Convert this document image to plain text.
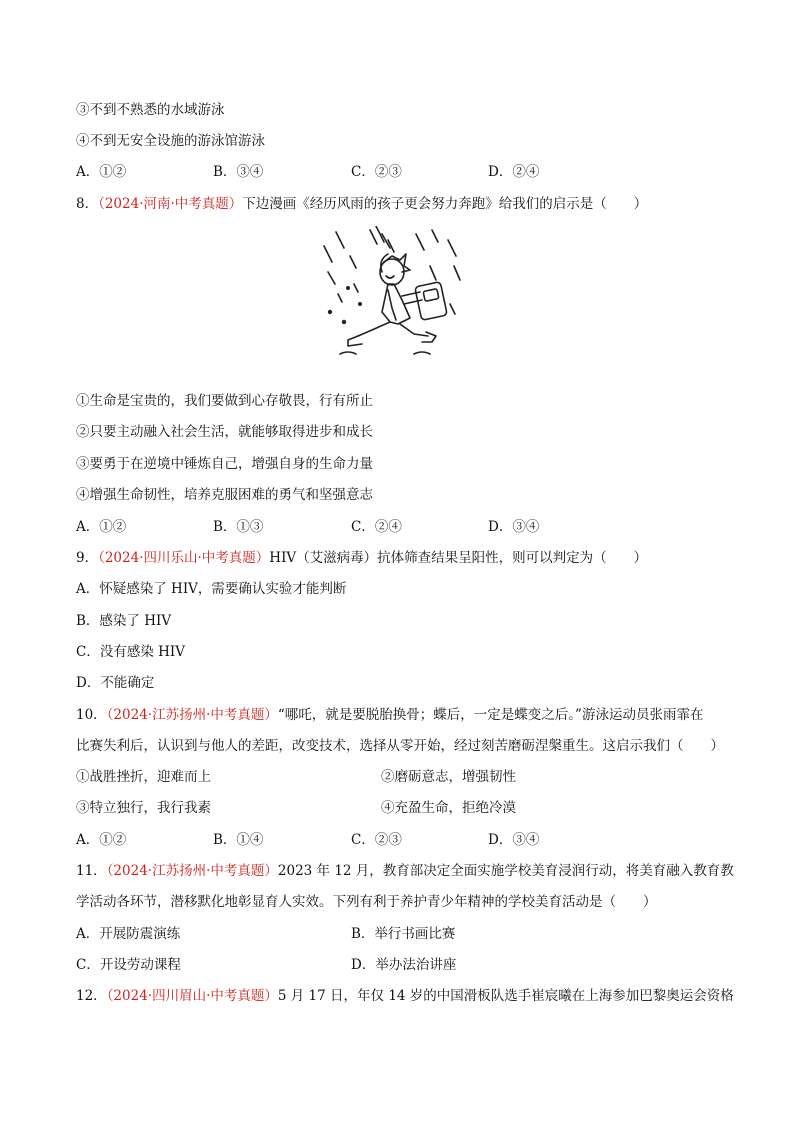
③不到不熟悉的水域游泳
④不到无安全设施的游泳馆游泳
A．①②	B．③④	C．②③	D．②④
8．（2024·河南·中考真题）下边漫画《经历风雨的孩子更会努力奔跑》给我们的启示是（　　）
①生命是宝贵的，我们要做到心存敬畏，行有所止
②只要主动融入社会生活，就能够取得进步和成长
③要勇于在逆境中锤炼自己，增强自身的生命力量
④增强生命韧性，培养克服困难的勇气和坚强意志
A．①②	B．①③	C．②④	D．③④
9．（2024·四川乐山·中考真题）HIV（艾滋病毒）抗体筛查结果呈阳性，则可以判定为（　　）
A．怀疑感染了 HIV，需要确认实验才能判断
B．感染了 HIV
C．没有感染 HIV
D．不能确定
10．（2024·江苏扬州·中考真题）“哪吒，就是要脱胎换骨；蝶后，一定是蝶变之后。”游泳运动员张雨霏在
比赛失利后，认识到与他人的差距，改变技术，选择从零开始，经过刻苦磨砺涅槃重生。这启示我们（　　）
①战胜挫折，迎难而上	②磨砺意志，增强韧性
③特立独行，我行我素	④充盈生命，拒绝冷漠
A．①②	B．①④	C．②③	D．③④
11．（2024·江苏扬州·中考真题）2023 年 12 月，教育部决定全面实施学校美育浸润行动，将美育融入教育教
学活动各环节，潜移默化地彰显育人实效。下列有利于养护青少年精神的学校美育活动是（　　）
A．开展防震演练	B．举行书画比赛
C．开设劳动课程	D．举办法治讲座
12．（2024·四川眉山·中考真题）5 月 17 日，年仅 14 岁的中国滑板队选手崔宸曦在上海参加巴黎奥运会资格
